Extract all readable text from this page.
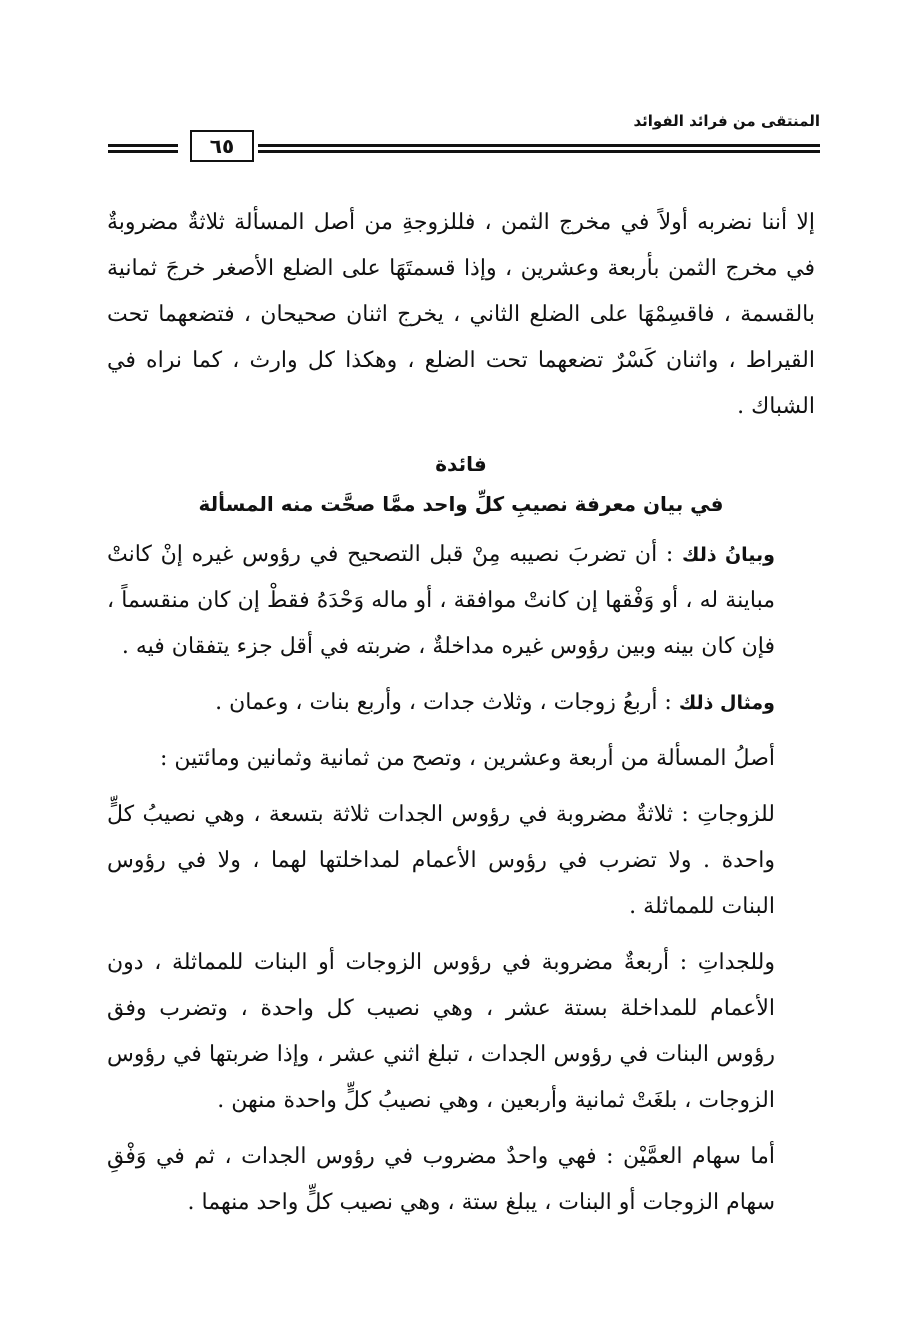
المنتقى من فرائد الفوائد
٦٥

إلا أننا نضربه أولاً في مخرج الثمن ، فللزوجةِ من أصل المسألة ثلاثةٌ مضروبةٌ في مخرج الثمن بأربعة وعشرين ، وإذا قسمتَهَا على الضلع الأصغر خرجَ ثمانية بالقسمة ، فاقسِمْهَا على الضلع الثاني ، يخرج اثنان صحيحان ، فتضعهما تحت القيراط ، واثنان كَسْرٌ تضعهما تحت الضلع ، وهكذا كل وارث ، كما نراه في الشباك .

فائدة

في بيان معرفة نصيبِ كلِّ واحد ممَّا صحَّت منه المسألة

وبيانُ ذلك : أن تضربَ نصيبه مِنْ قبل التصحيح في رؤوس غيره إنْ كانتْ مباينة له ، أو وَفْقها إن كانتْ موافقة ، أو ماله وَحْدَهُ فقطْ إن كان منقسماً ، فإن كان بينه وبين رؤوس غيره مداخلةٌ ، ضربته في أقل جزء يتفقان فيه .

ومثال ذلك : أربعُ زوجات ، وثلاث جدات ، وأربع بنات ، وعمان .

أصلُ المسألة من أربعة وعشرين ، وتصح من ثمانية وثمانين ومائتين :

للزوجاتِ : ثلاثةٌ مضروبة في رؤوس الجدات ثلاثة بتسعة ، وهي نصيبُ كلٍّ واحدة . ولا تضرب في رؤوس الأعمام لمداخلتها لهما ، ولا في رؤوس البنات للمماثلة .

وللجداتِ : أربعةٌ مضروبة في رؤوس الزوجات أو البنات للمماثلة ، دون الأعمام للمداخلة بستة عشر ، وهي نصيب كل واحدة ، وتضرب وفق رؤوس البنات في رؤوس الجدات ، تبلغ اثني عشر ، وإذا ضربتها في رؤوس الزوجات ، بلغَتْ ثمانية وأربعين ، وهي نصيبُ كلٍّ واحدة منهن .

أما سهام العمَّيْن : فهي واحدٌ مضروب في رؤوس الجدات ، ثم في وَفْقِ سهام الزوجات أو البنات ، يبلغ ستة ، وهي نصيب كلٍّ واحد منهما .
